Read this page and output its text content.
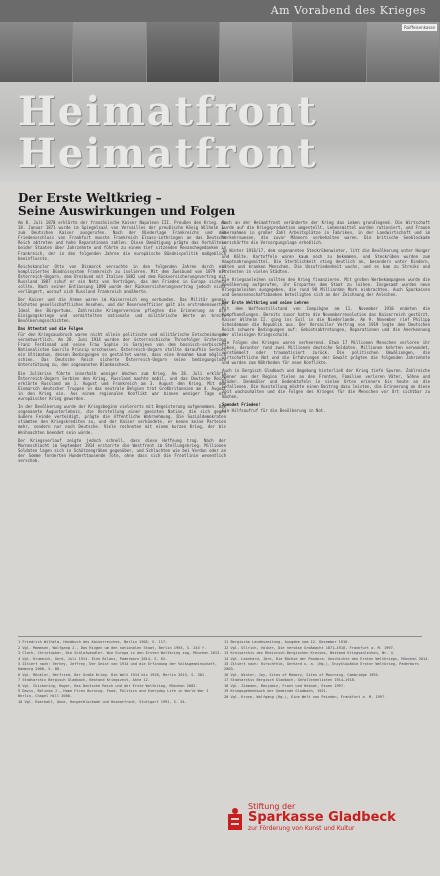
Am Vorabend des Krieges
Raiffeisenkasse
Heimatfront
Heimatfront
Der Erste Weltkrieg –
Seine Auswirkungen und Folgen

Am 8. Juli 1870 erklärte der französische Kaiser Napoleon III. Preußen den Krieg. Am 18. Januar 1871 wurde im Spiegelsaal von Versailles der preußische König Wilhelm I. zum Deutschen Kaiser ausgerufen. Nach der Niederlage Frankreichs und dem Friedensschluss von Frankfurt musste Frankreich Elsass-Lothringen an das Deutsche Reich abtreten und hohe Reparationen zahlen. Diese Demütigung prägte das Verhältnis beider Staaten über Jahrzehnte und führte zu einem tief sitzenden Revanchegedanken in Frankreich, der in den folgenden Jahren die europäische Bündnispolitik maßgeblich beeinflusste.

Reichskanzler Otto von Bismarck versuchte in den folgenden Jahren durch ein kompliziertes Bündnissystem Frankreich zu isolieren. Mit dem Zweibund von 1879 mit Österreich-Ungarn, dem Dreibund mit Italien 1882 und dem Rückversicherungsvertrag mit Russland 1887 schuf er ein Netz von Verträgen, das den Frieden in Europa sichern sollte. Nach seiner Entlassung 1890 wurde der Rückversicherungsvertrag jedoch nicht verlängert, worauf sich Russland Frankreich annäherte.

Der Kaiser und die Armee waren im Kaiserreich eng verbunden. Das Militär genoss höchstes gesellschaftliches Ansehen, und der Reserveoffizier galt als erstrebenswertes Ideal des Bürgertums. Zahlreiche Kriegervereine pflegten die Erinnerung an die Einigungskriege und vermittelten nationale und militärische Werte an breite Bevölkerungsschichten.

Das Attentat und die Folgen

Für den Kriegsausbruch waren nicht allein politische und militärische Entscheidungen verantwortlich. Am 28. Juni 1914 wurden der österreichische Thronfolger Erzherzog Franz Ferdinand und seine Frau Sophie in Sarajevo von dem bosnisch-serbischen Nationalisten Gavrilo Princip erschossen. Österreich-Ungarn stellte daraufhin Serbien ein Ultimatum, dessen Bedingungen so gestaltet waren, dass eine Annahme kaum möglich schien. Das Deutsche Reich sicherte Österreich-Ungarn seine bedingungslose Unterstützung zu, den sogenannten Blankoscheck.

Die Julikrise führte innerhalb weniger Wochen zum Krieg. Am 28. Juli erklärte Österreich-Ungarn Serbien den Krieg, Russland machte mobil, und das Deutsche Reich erklärte Russland am 1. August und Frankreich am 3. August den Krieg. Mit dem Einmarsch deutscher Truppen in das neutrale Belgien trat Großbritannien am 4. August in den Krieg ein. Aus einem regionalen Konflikt war binnen weniger Tage ein europäischer Krieg geworden.

In der Bevölkerung wurde der Kriegsbeginn vielerorts mit Begeisterung aufgenommen. Das sogenannte Augusterlebnis, die Vorstellung einer geeinten Nation, die sich gegen äußere Feinde verteidigt, prägte die öffentliche Wahrnehmung. Die Sozialdemokraten stimmten den Kriegskrediten zu, und der Kaiser verkündete, er kenne keine Parteien mehr, sondern nur noch Deutsche. Viele rechneten mit einem kurzen Krieg, der bis Weihnachten beendet sein würde.

Der Kriegsverlauf zeigte jedoch schnell, dass diese Hoffnung trog. Nach der Marneschlacht im September 1914 erstarrte die Westfront im Stellungskrieg. Millionen Soldaten lagen sich in Schützengräben gegenüber, und Schlachten wie bei Verdun oder an der Somme forderten Hunderttausende Tote, ohne dass sich die Frontlinie wesentlich verschob.

Auch an der Heimatfront veränderte der Krieg das Leben grundlegend. Die Wirtschaft wurde auf die Kriegsproduktion umgestellt, Lebensmittel wurden rationiert, und Frauen übernahmen in großer Zahl Arbeitsplätze in Fabriken, in der Landwirtschaft und im Verkehrswesen, die zuvor Männern vorbehalten waren. Die britische Seeblockade verschärfte die Versorgungslage erheblich.

Im Winter 1916/17, dem sogenannten Steckrübenwinter, litt die Bevölkerung unter Hunger und Kälte. Kartoffeln waren kaum noch zu bekommen, und Steckrüben wurden zum Hauptnahrungsmittel. Die Sterblichkeit stieg deutlich an, besonders unter Kindern, alten und kranken Menschen. Die Unzufriedenheit wuchs, und es kam zu Streiks und Protesten in vielen Städten.

Die Kriegsanleihen sollten den Krieg finanzieren. Mit großen Werbekampagnen wurde die Bevölkerung aufgerufen, ihr Erspartes dem Staat zu leihen. Insgesamt wurden neun Kriegsanleihen ausgegeben, die rund 98 Milliarden Mark einbrachten. Auch Sparkassen und Genossenschaftsbanken beteiligten sich an der Zeichnung der Anleihen.

Der Erste Weltkrieg und seine Lehren

Mit dem Waffenstillstand von Compiègne am 11. November 1918 endeten die Kampfhandlungen. Bereits zuvor hatte die Novemberrevolution das Kaiserreich gestürzt, Kaiser Wilhelm II. ging ins Exil in die Niederlande. Am 9. November rief Philipp Scheidemann die Republik aus. Der Versailler Vertrag von 1919 legte dem Deutschen Reich schwere Bedingungen auf: Gebietsabtretungen, Reparationen und die Anerkennung der alleinigen Kriegsschuld.

Die Folgen des Krieges waren verheerend. Etwa 17 Millionen Menschen verloren ihr Leben, darunter rund zwei Millionen deutsche Soldaten. Millionen kehrten verwundet, verstümmelt oder traumatisiert zurück. Die politischen Umwälzungen, die wirtschaftliche Not und die Erfahrungen der Gewalt prägten die folgenden Jahrzehnte und wurden zum Nährboden für neue Konflikte.

Auch in Bergisch Gladbach und Umgebung hinterließ der Krieg tiefe Spuren. Zahlreiche Männer aus der Region fielen an den Fronten, Familien verloren Väter, Söhne und Brüder. Denkmäler und Gedenktafeln in vielen Orten erinnern bis heute an die Gefallenen. Die Ausstellung möchte einen Beitrag dazu leisten, die Erinnerung an diese Zeit wachzuhalten und die Folgen des Krieges für die Menschen vor Ort sichtbar zu machen.

Spendet Frieden!

Ein Hilfsaufruf für die Bevölkerung in Not.

1 Friedrich Wilhelm, Handbuch des Kaiserreiches, Berlin 1905, S. 117.
2 Vgl. Mommsen, Wolfgang J., Das Ringen um den nationalen Staat, Berlin 1993, S. 245 f.
3 Clark, Christopher, Die Schlafwandler. Wie Europa in den Ersten Weltkrieg zog, München 2013.
4 Vgl. Krumeich, Gerd, Juli 1914. Eine Bilanz, Paderborn 2014, S. 62.
5 Zitiert nach: Verhey, Jeffrey, Der Geist von 1914 und die Erfindung der Volksgemeinschaft, Hamburg 2000, S. 88.
6 Vgl. Münkler, Herfried, Der Große Krieg. Die Welt 1914 bis 1918, Berlin 2013, S. 301.
7 Stadtarchiv Bergisch Gladbach, Bestand Kriegszeit, Akte 12.
8 Vgl. Chickering, Roger, Das Deutsche Reich und der Erste Weltkrieg, München 2002.
9 Davis, Belinda J., Home Fires Burning. Food, Politics and Everyday Life in World War I Berlin, Chapel Hill 2000.
10 Vgl. Roerkohl, Anne, Hungerblockade und Heimatfront, Stuttgart 1991, S. 54.
11 Bergische Landeszeitung, Ausgabe vom 12. Dezember 1916.
12 Vgl. Ullrich, Volker, Die nervöse Großmacht 1871–1918, Frankfurt a. M. 1997.
13 Kreisarchiv des Rheinisch-Bergischen Kreises, Bestand Kriegsanleihen, Nr. 4.
14 Vgl. Leonhard, Jörn, Die Büchse der Pandora. Geschichte des Ersten Weltkriegs, München 2014.
15 Zitiert nach: Hirschfeld, Gerhard u. a. (Hg.), Enzyklopädie Erster Weltkrieg, Paderborn 2003.
16 Vgl. Winter, Jay, Sites of Memory, Sites of Mourning, Cambridge 1995.
17 Stadtarchiv Bergisch Gladbach, Gefallenenlisten 1914–1918.
18 Vgl. Ziemann, Benjamin, Front und Heimat, Essen 1997.
19 Kriegsgedenkbuch der Gemeinde Gladbach, 1921.
20 Vgl. Kruse, Wolfgang (Hg.), Eine Welt von Feinden, Frankfurt a. M. 1997.
Stiftung der
Sparkasse Gladbeck
zur Förderung von Kunst und Kultur
